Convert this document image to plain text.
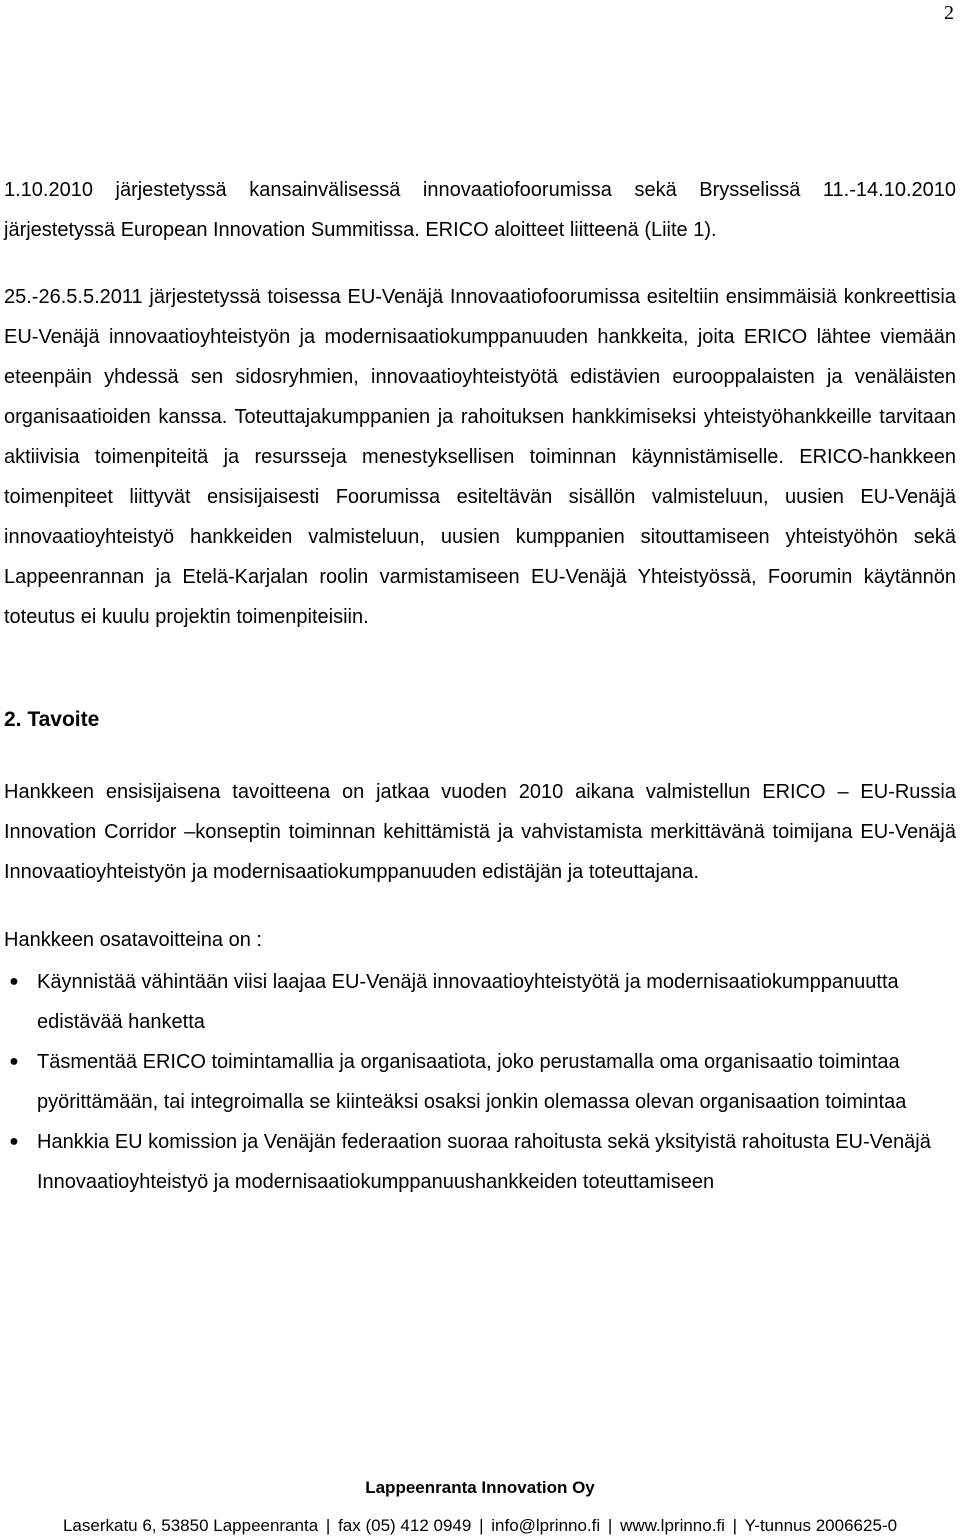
2

1.10.2010 järjestetyssä kansainvälisessä innovaatiofoorumissa sekä Brysselissä 11.-14.10.2010 järjestetyssä European Innovation Summitissa. ERICO aloitteet liitteenä (Liite 1).

25.-26.5.5.2011 järjestetyssä toisessa EU-Venäjä Innovaatiofoorumissa esiteltiin ensimmäisiä konkreettisia EU-Venäjä innovaatioyhteistyön ja modernisaatiokumppanuuden hankkeita, joita ERICO lähtee viemään eteenpäin yhdessä sen sidosryhmien, innovaatioyhteistyötä edistävien eurooppalaisten ja venäläisten organisaatioiden kanssa. Toteuttajakumppanien ja rahoituksen hankkimiseksi yhteistyöhankkeille tarvitaan aktiivisia toimenpiteitä ja resursseja menestyksellisen toiminnan käynnistämiselle. ERICO-hankkeen toimenpiteet liittyvät ensisijaisesti Foorumissa esiteltävän sisällön valmisteluun, uusien EU-Venäjä innovaatioyhteistyö hankkeiden valmisteluun, uusien kumppanien sitouttamiseen yhteistyöhön sekä Lappeenrannan ja Etelä-Karjalan roolin varmistamiseen EU-Venäjä Yhteistyössä, Foorumin käytännön toteutus ei kuulu projektin toimenpiteisiin.

2. Tavoite

Hankkeen ensisijaisena tavoitteena on jatkaa vuoden 2010 aikana valmistellun ERICO – EU-Russia Innovation Corridor –konseptin toiminnan kehittämistä ja vahvistamista merkittävänä toimijana EU-Venäjä Innovaatioyhteistyön ja modernisaatiokumppanuuden edistäjän ja toteuttajana.

Hankkeen osatavoitteina on :

● Käynnistää vähintään viisi laajaa EU-Venäjä innovaatioyhteistyötä ja modernisaatiokumppanuutta edistävää hanketta
● Täsmentää ERICO toimintamallia ja organisaatiota, joko perustamalla oma organisaatio toimintaa pyörittämään, tai integroimalla se kiinteäksi osaksi jonkin olemassa olevan organisaation toimintaa
● Hankkia EU komission ja Venäjän federaation suoraa rahoitusta sekä yksityistä rahoitusta EU-Venäjä Innovaatioyhteistyö ja modernisaatiokumppanuushankkeiden toteuttamiseen
Lappeenranta Innovation Oy
Laserkatu 6, 53850 Lappeenranta | fax (05) 412 0949 | info@lprinno.fi | www.lprinno.fi | Y-tunnus 2006625-0
